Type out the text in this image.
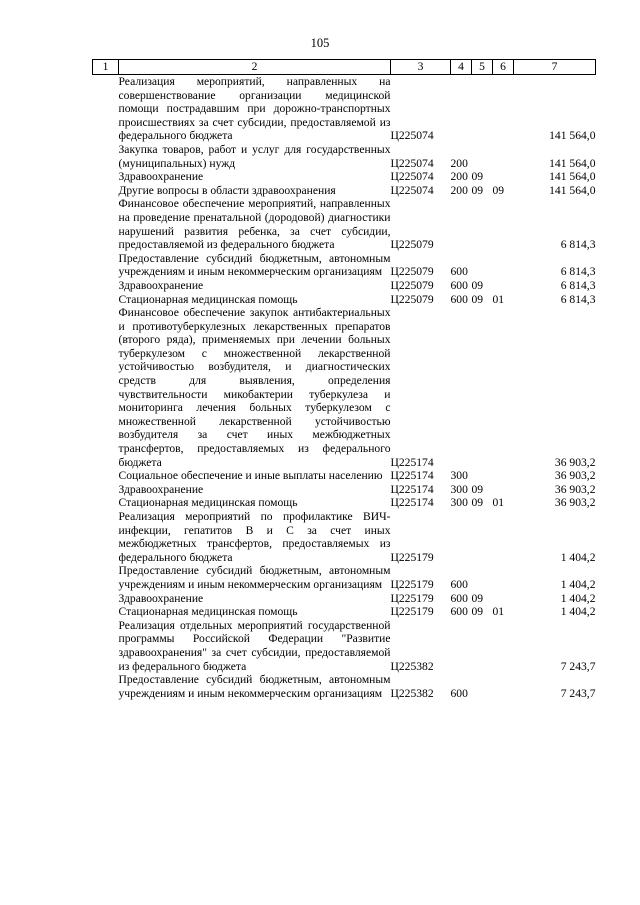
105
1	2	3	4	5	6	7
	Реализация мероприятий, направленных на совершенствование организации медицинской помощи пострадавшим при дорожно-транспортных происшествиях за счет субсидии, предоставляемой из федерального бюджета	Ц225074				141 564,0
	Закупка товаров, работ и услуг для государственных (муниципальных) нужд	Ц225074	200			141 564,0
	Здравоохранение	Ц225074	200	09		141 564,0
	Другие вопросы в области здравоохранения	Ц225074	200	09	09	141 564,0
	Финансовое обеспечение мероприятий, направленных на проведение пренатальной (дородовой) диагностики нарушений развития ребенка, за счет субсидии, предоставляемой из федерального бюджета	Ц225079				6 814,3
	Предоставление субсидий бюджетным, автономным учреждениям и иным некоммерческим организациям	Ц225079	600			6 814,3
	Здравоохранение	Ц225079	600	09		6 814,3
	Стационарная медицинская помощь	Ц225079	600	09	01	6 814,3
	Финансовое обеспечение закупок антибактериальных и противотуберкулезных лекарственных препаратов (второго ряда), применяемых при лечении больных туберкулезом с множественной лекарственной устойчивостью возбудителя, и диагностических средств для выявления, определения чувствительности микобактерии туберкулеза и мониторинга лечения больных туберкулезом с множественной лекарственной устойчивостью возбудителя за счет иных межбюджетных трансфертов, предоставляемых из федерального бюджета	Ц225174				36 903,2
	Социальное обеспечение и иные выплаты населению	Ц225174	300			36 903,2
	Здравоохранение	Ц225174	300	09		36 903,2
	Стационарная медицинская помощь	Ц225174	300	09	01	36 903,2
	Реализация мероприятий по профилактике ВИЧ-инфекции, гепатитов В и С за счет иных межбюджетных трансфертов, предоставляемых из федерального бюджета	Ц225179				1 404,2
	Предоставление субсидий бюджетным, автономным учреждениям и иным некоммерческим организациям	Ц225179	600			1 404,2
	Здравоохранение	Ц225179	600	09		1 404,2
	Стационарная медицинская помощь	Ц225179	600	09	01	1 404,2
	Реализация отдельных мероприятий государственной программы Российской Федерации "Развитие здравоохранения" за счет субсидии, предоставляемой из федерального бюджета	Ц225382				7 243,7
	Предоставление субсидий бюджетным, автономным учреждениям и иным некоммерческим организациям	Ц225382	600			7 243,7
